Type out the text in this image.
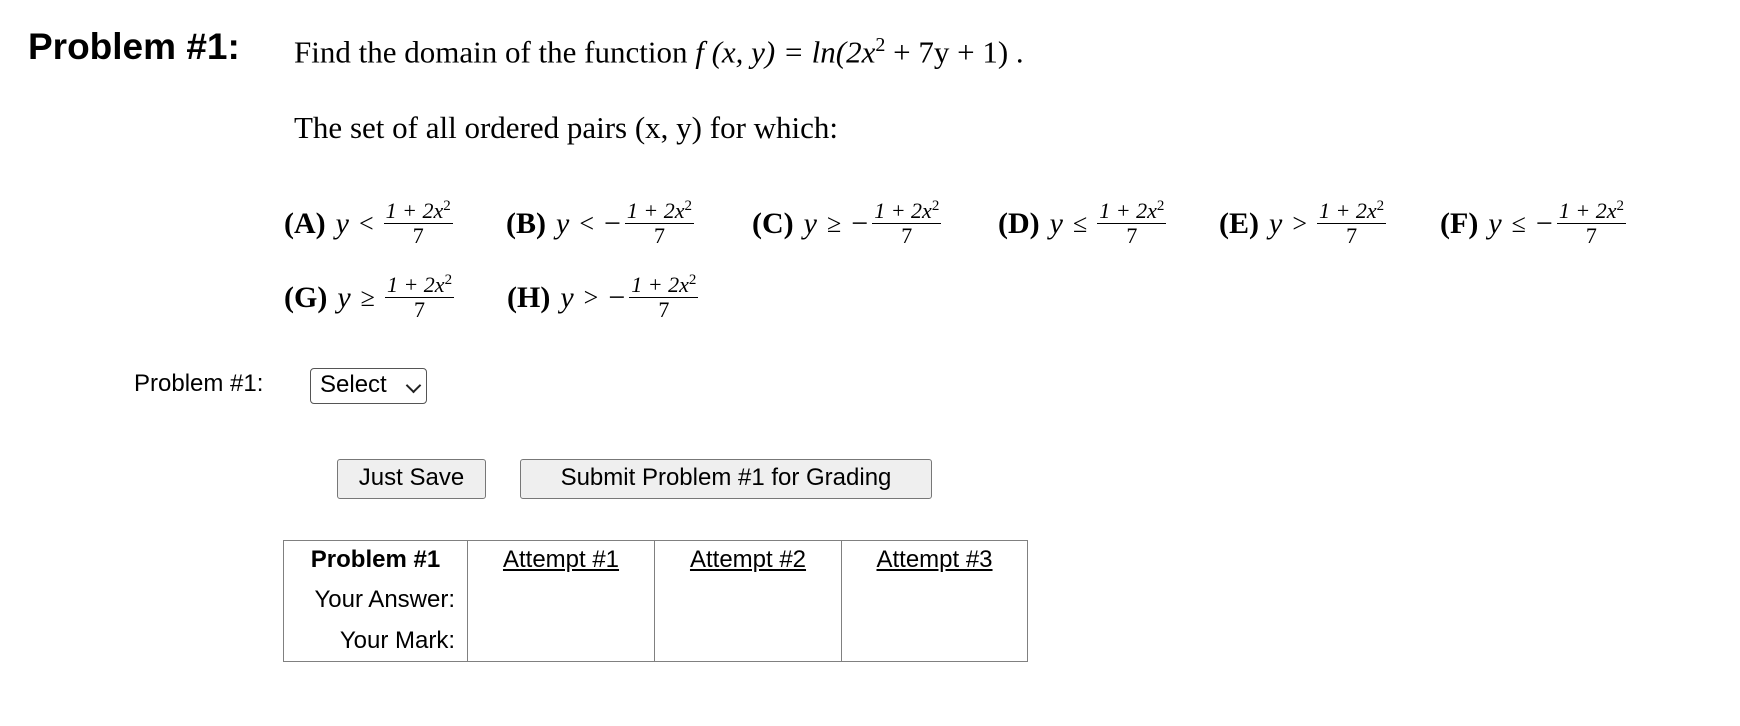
Problem #1: Find the domain of the function f (x, $y) = \ln(2x^2 + 7y + 1)$ .
The set of all ordered pairs (x, y) for which:
(A) $y < \frac{1 + 2x^2}{7} (B) y$ < − $\frac{1 + 2x^2}{7} (C) y$ ≥ − $\frac{1 + 2x^2}{7} (D) y \le \frac{1 + 2x^2}{7} (E) y > \frac{1 + 2x^2}{7} (F) y$ ≤ − $\frac{1 + 2x^2}{7}$
(G) $y \ge \frac{1 + 2x^2}{7} (H) y$ > − $\frac{1 + 2x^2}{7}$
Problem #1:	Select
Just Save	Submit Problem #1 for Grading
Problem #1	Attempt #1	Attempt #2	Attempt #3
Your Answer:			
Your Mark:			
